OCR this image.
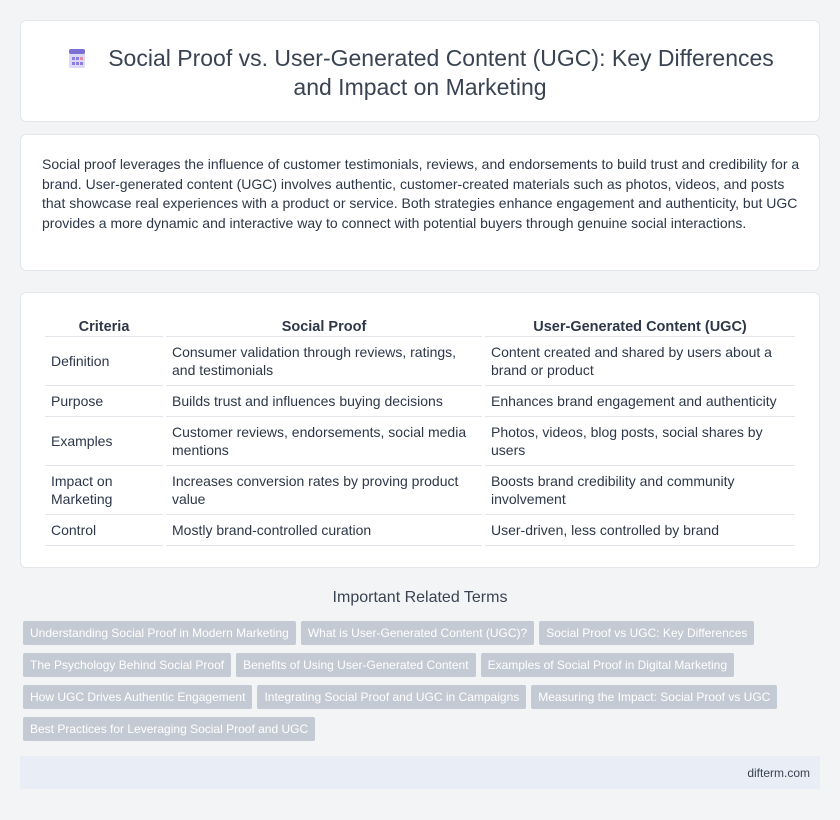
Social Proof vs. User-Generated Content (UGC): Key Differences and Impact on Marketing

Social proof leverages the influence of customer testimonials, reviews, and endorsements to build trust and credibility for a brand. User-generated content (UGC) involves authentic, customer-created materials such as photos, videos, and posts that showcase real experiences with a product or service. Both strategies enhance engagement and authenticity, but UGC provides a more dynamic and interactive way to connect with potential buyers through genuine social interactions.

Criteria	Social Proof	User-Generated Content (UGC)
Definition	Consumer validation through reviews, ratings, and testimonials	Content created and shared by users about a brand or product
Purpose	Builds trust and influences buying decisions	Enhances brand engagement and authenticity
Examples	Customer reviews, endorsements, social media mentions	Photos, videos, blog posts, social shares by users
Impact on Marketing	Increases conversion rates by proving product value	Boosts brand credibility and community involvement
Control	Mostly brand-controlled curation	User-driven, less controlled by brand
Important Related Terms
Understanding Social Proof in Modern Marketing What is User-Generated Content (UGC)? Social Proof vs UGC: Key Differences
The Psychology Behind Social Proof Benefits of Using User-Generated Content Examples of Social Proof in Digital Marketing
How UGC Drives Authentic Engagement Integrating Social Proof and UGC in Campaigns Measuring the Impact: Social Proof vs UGC
Best Practices for Leveraging Social Proof and UGC
difterm.com
